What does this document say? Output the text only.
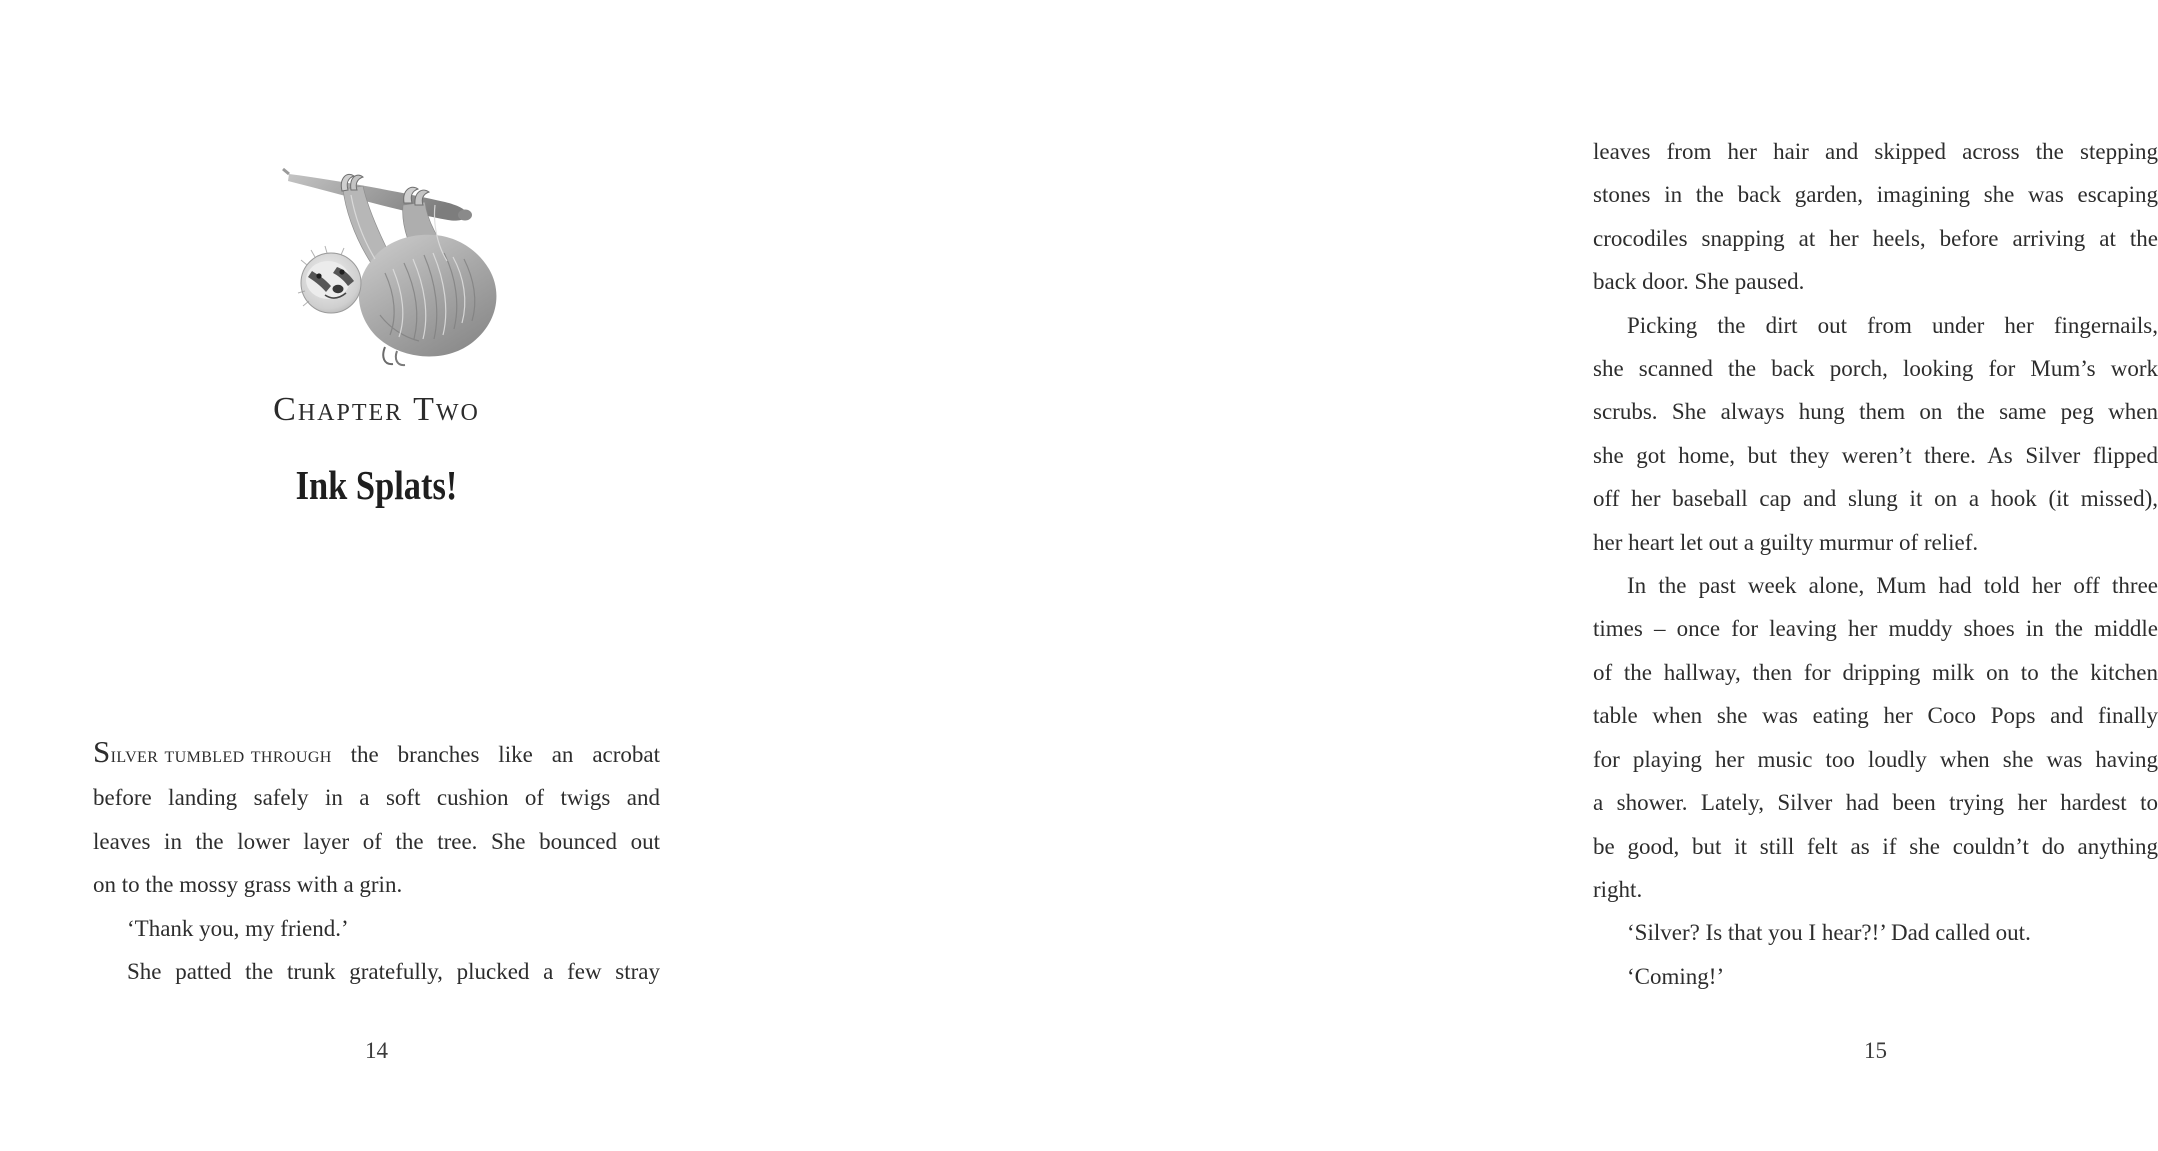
Chapter Two
Ink Splats!
Silver tumbled through the branches like an acrobat
before landing safely in a soft cushion of twigs and
leaves in the lower layer of the tree. She bounced out
on to the mossy grass with a grin.
‘Thank you, my friend.’
She patted the trunk gratefully, plucked a few stray
14
leaves from her hair and skipped across the stepping
stones in the back garden, imagining she was escaping
crocodiles snapping at her heels, before arriving at the
back door. She paused.
Picking the dirt out from under her fingernails,
she scanned the back porch, looking for Mum’s work
scrubs. She always hung them on the same peg when
she got home, but they weren’t there. As Silver flipped
off her baseball cap and slung it on a hook (it missed),
her heart let out a guilty murmur of relief.
In the past week alone, Mum had told her off three
times – once for leaving her muddy shoes in the middle
of the hallway, then for dripping milk on to the kitchen
table when she was eating her Coco Pops and finally
for playing her music too loudly when she was having
a shower. Lately, Silver had been trying her hardest to
be good, but it still felt as if she couldn’t do anything
right.
‘Silver? Is that you I hear?!’ Dad called out.
‘Coming!’
15
